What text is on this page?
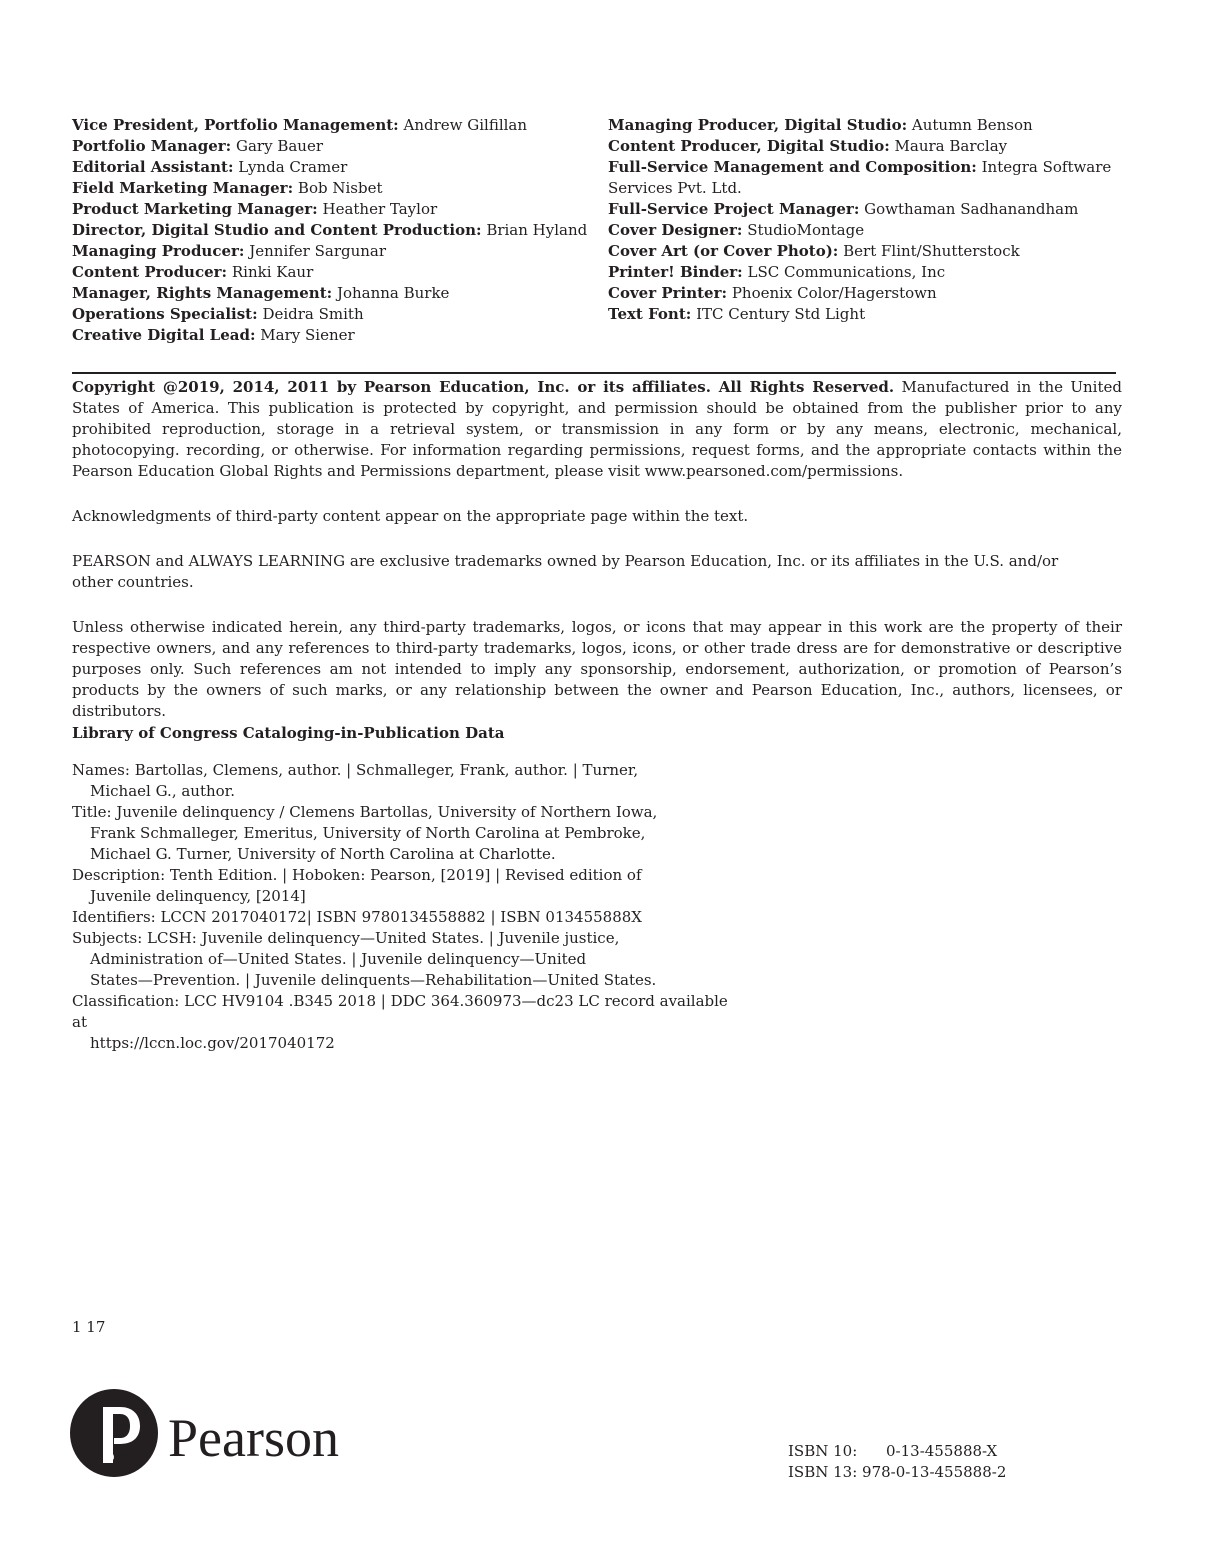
Vice President, Portfolio Management: Andrew Gilfillan
Portfolio Manager: Gary Bauer
Editorial Assistant: Lynda Cramer
Field Marketing Manager: Bob Nisbet
Product Marketing Manager: Heather Taylor
Director, Digital Studio and Content Production: Brian Hyland
Managing Producer: Jennifer Sargunar
Content Producer: Rinki Kaur
Manager, Rights Management: Johanna Burke
Operations Specialist: Deidra Smith
Creative Digital Lead: Mary Siener
Managing Producer, Digital Studio: Autumn Benson
Content Producer, Digital Studio: Maura Barclay
Full-Service Management and Composition: Integra Software Services Pvt. Ltd.
Full-Service Project Manager: Gowthaman Sadhanandham
Cover Designer: StudioMontage
Cover Art (or Cover Photo): Bert Flint/Shutterstock
Printer! Binder: LSC Communications, Inc
Cover Printer: Phoenix Color/Hagerstown
Text Font: ITC Century Std Light

Copyright @2019, 2014, 2011 by Pearson Education, Inc. or its affiliates. All Rights Reserved. Manufactured in the United States of America. This publication is protected by copyright, and permission should be obtained from the publisher prior to any prohibited reproduction, storage in a retrieval system, or transmission in any form or by any means, electronic, mechanical, photocopying. recording, or otherwise. For information regarding permissions, request forms, and the appropriate contacts within the Pearson Education Global Rights and Permissions department, please visit www.pearsoned.com/permissions.

Acknowledgments of third-party content appear on the appropriate page within the text.

PEARSON and ALWAYS LEARNING are exclusive trademarks owned by Pearson Education, Inc. or its affiliates in the U.S. and/or
other countries.

Unless otherwise indicated herein, any third-party trademarks, logos, or icons that may appear in this work are the property of their respective owners, and any references to third-party trademarks, logos, icons, or other trade dress are for demonstrative or descriptive purposes only. Such references am not intended to imply any sponsorship, endorsement, authorization, or promotion of Pearson’s products by the owners of such marks, or any relationship between the owner and Pearson Education, Inc., authors, licensees, or distributors.

Library of Congress Cataloging-in-Publication Data

Names: Bartollas, Clemens, author. | Schmalleger, Frank, author. | Turner,

Michael G., author.

Title: Juvenile delinquency / Clemens Bartollas, University of Northern Iowa,

Frank Schmalleger, Emeritus, University of North Carolina at Pembroke,

Michael G. Turner, University of North Carolina at Charlotte.

Description: Tenth Edition. | Hoboken: Pearson, [2019] | Revised edition of

Juvenile delinquency, [2014]

Identifiers: LCCN 2017040172| ISBN 9780134558882 | ISBN 013455888X

Subjects: LCSH: Juvenile delinquency—United States. | Juvenile justice,

Administration of—United States. | Juvenile delinquency—United

States—Prevention. | Juvenile delinquents—Rehabilitation—United States.

Classification: LCC HV9104 .B345 2018 | DDC 364.360973—dc23 LC record available at

https://lccn.loc.gov/2017040172

1 17
Pearson	ISBN 10:	0-13-455888-X
ISBN 13:
978-0-13-455888-2
